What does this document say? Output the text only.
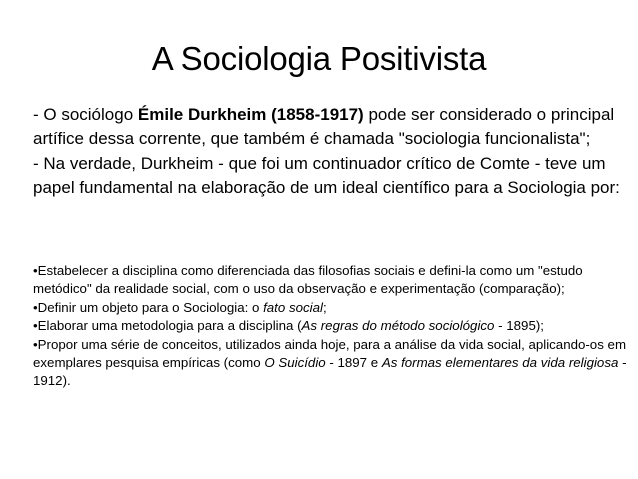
A Sociologia Positivista

- O sociólogo Émile Durkheim (1858-1917) pode ser considerado o principal artífice dessa corrente, que também é chamada "sociologia funcionalista";

- Na verdade, Durkheim - que foi um continuador crítico de Comte - teve um papel fundamental na elaboração de um ideal científico para a Sociologia por:

•Estabelecer a disciplina como diferenciada das filosofias sociais e defini-la como um "estudo metódico" da realidade social, com o uso da observação e experimentação (comparação);

•Definir um objeto para o Sociologia: o fato social;

•Elaborar uma metodologia para a disciplina (As regras do método sociológico - 1895);

•Propor uma série de conceitos, utilizados ainda hoje, para a análise da vida social, aplicando-os em exemplares pesquisa empíricas (como O Suicídio - 1897 e As formas elementares da vida religiosa - 1912).
